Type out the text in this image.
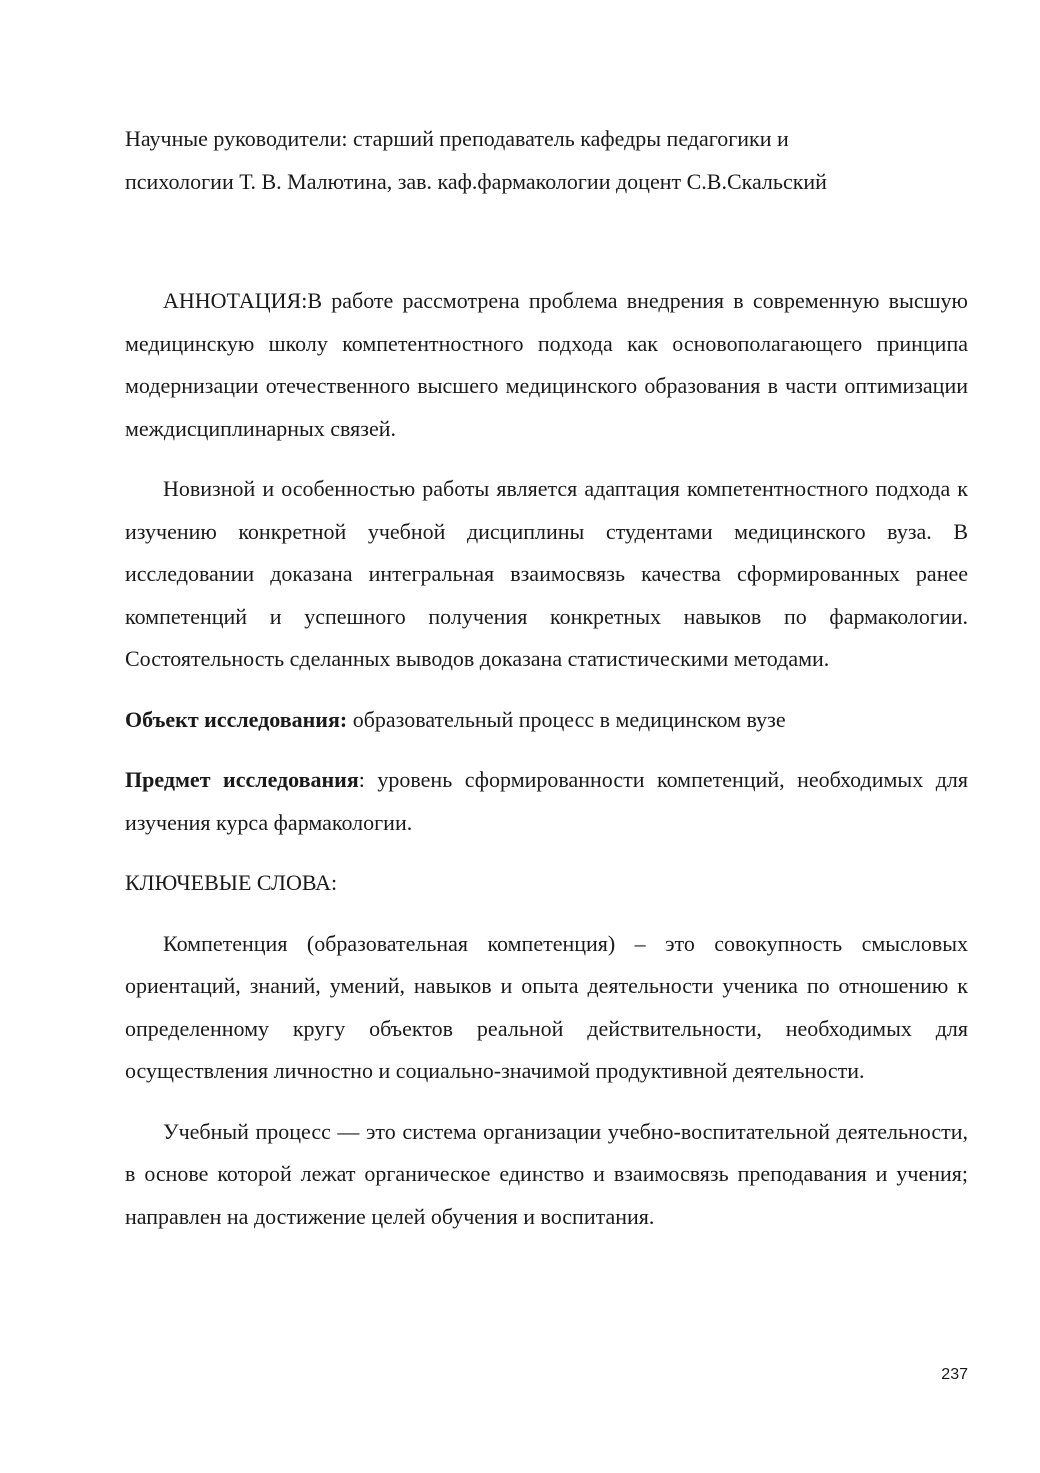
Научные руководители: старший преподаватель кафедры педагогики и

психологии Т. В. Малютина, зав. каф.фармакологии доцент С.В.Скальский

АННОТАЦИЯ:В работе рассмотрена проблема внедрения в современную высшую медицинскую школу компетентностного подхода как основополагающего принципа модернизации отечественного высшего медицинского образования в части оптимизации междисциплинарных связей.

Новизной и особенностью работы является адаптация компетентностного подхода к изучению конкретной учебной дисциплины студентами медицинского вуза. В исследовании доказана интегральная взаимосвязь качества сформированных ранее компетенций и успешного получения конкретных навыков по фармакологии. Состоятельность сделанных выводов доказана статистическими методами.

Объект исследования: образовательный процесс в медицинском вузе

Предмет исследования: уровень сформированности компетенций, необходимых для изучения курса фармакологии.

КЛЮЧЕВЫЕ СЛОВА:

Компетенция (образовательная компетенция) – это совокупность смысловых ориентаций, знаний, умений, навыков и опыта деятельности ученика по отношению к определенному кругу объектов реальной действительности, необходимых для осуществления личностно и социально-значимой продуктивной деятельности.

Учебный процесс — это система организации учебно-воспитательной деятельности, в основе которой лежат органическое единство и взаимосвязь преподавания и учения; направлен на достижение целей обучения и воспитания.

237
